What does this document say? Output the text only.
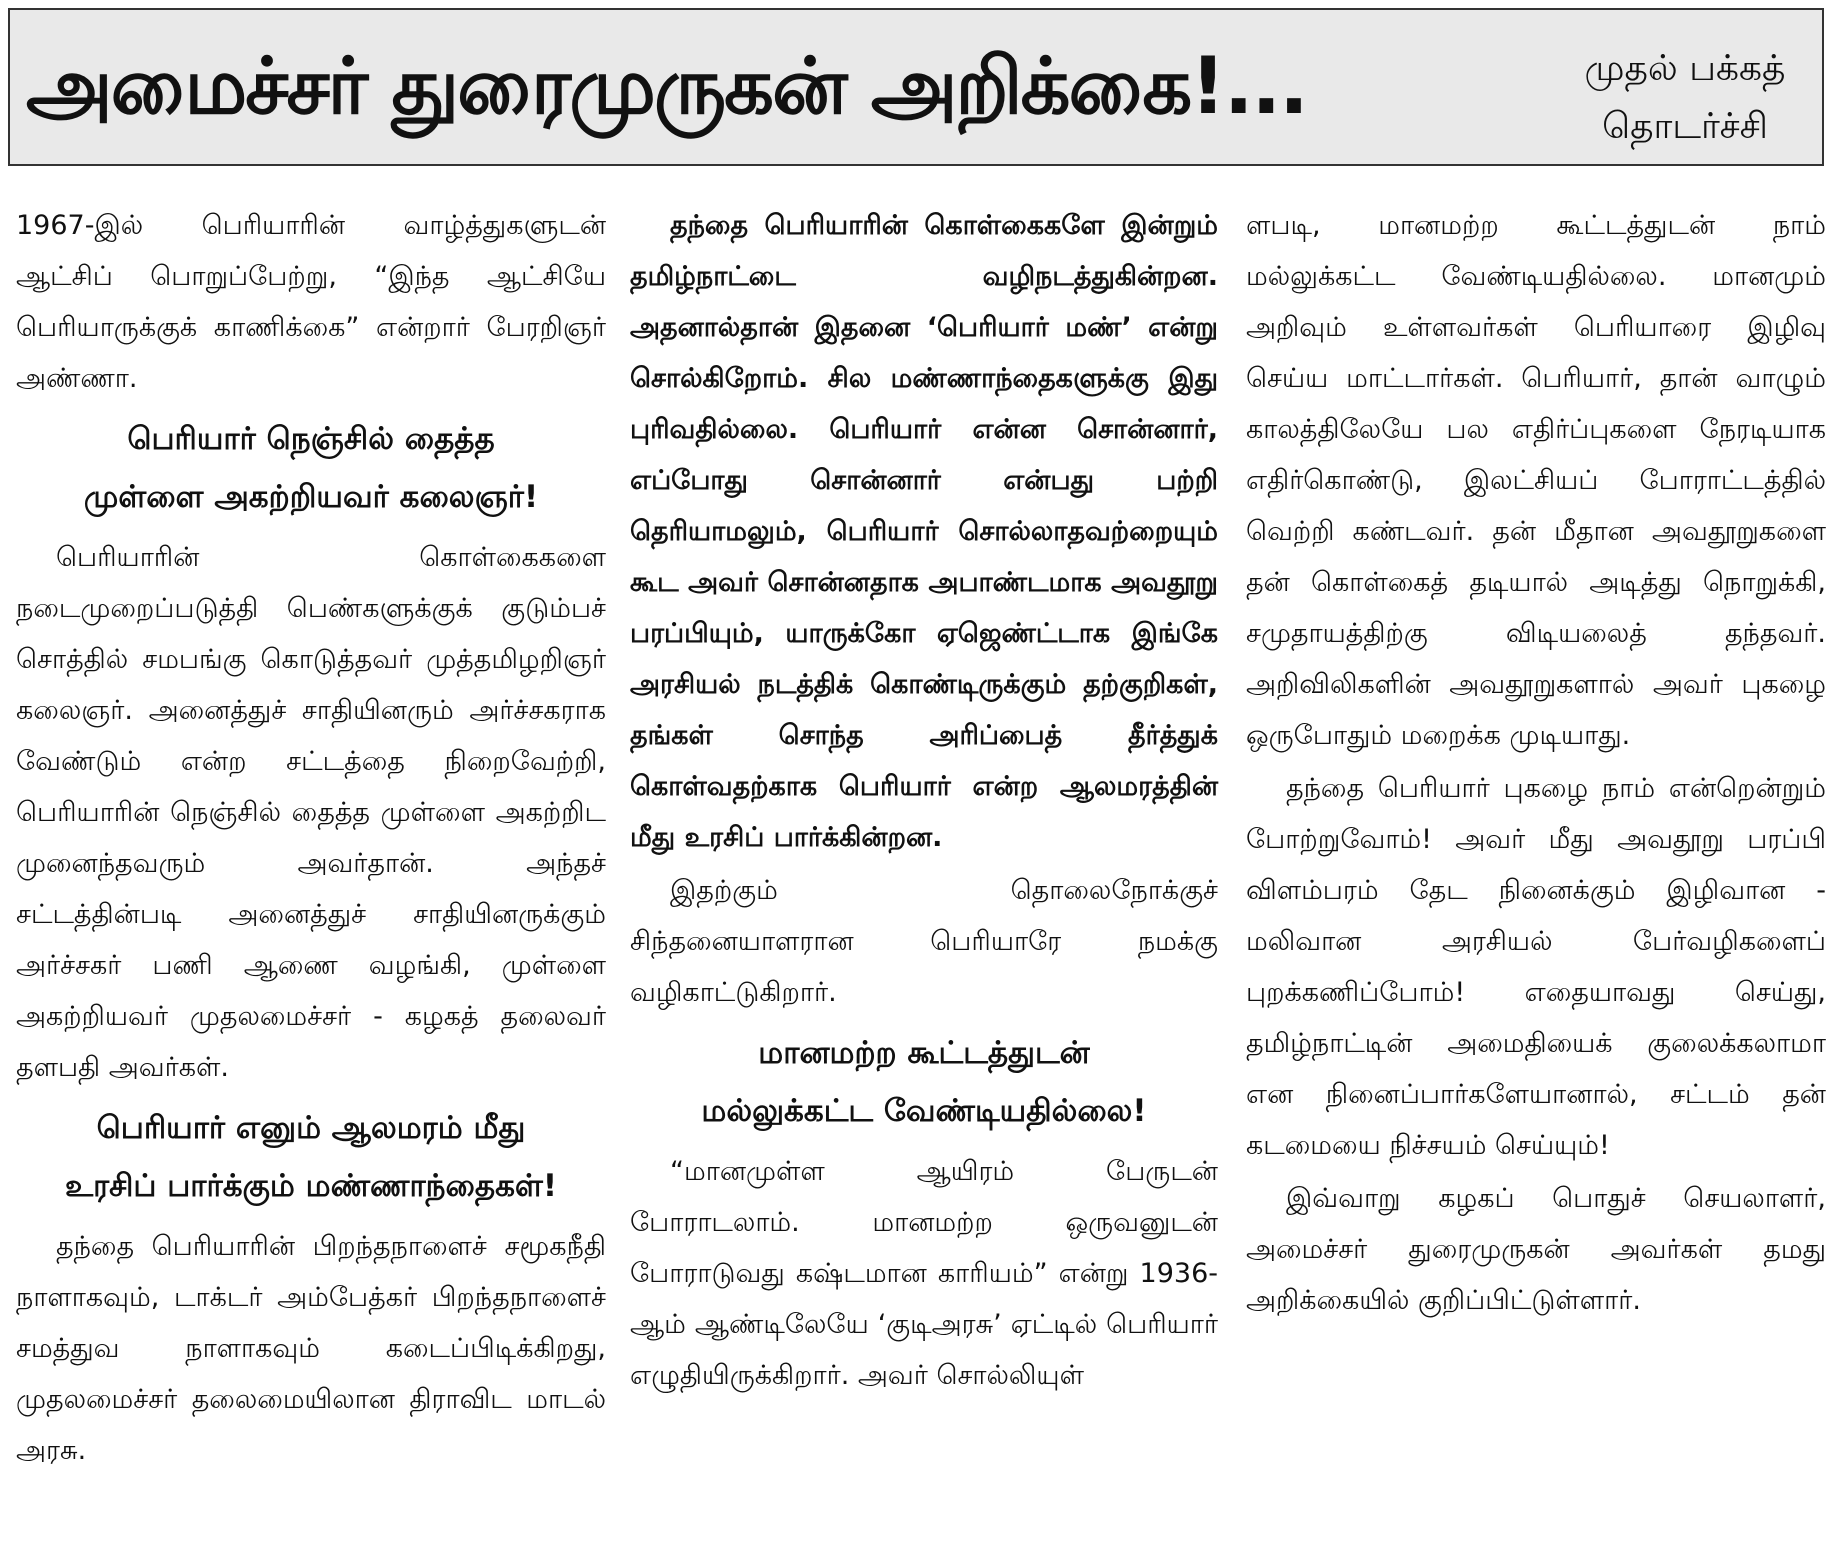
அமைச்சர் துரைமுருகன் அறிக்கை!...	முதல் பக்கத்
தொடர்ச்சி

1967-இல் பெரியாரின் வாழ்த்துகளுடன் ஆட்சிப் பொறுப்பேற்று, “இந்த ஆட்சியே பெரியாருக்குக் காணிக்கை” என்றார் பேரறிஞர் அண்ணா.

பெரியார் நெஞ்சில் தைத்த
முள்ளை அகற்றியவர் கலைஞர்!

பெரியாரின் கொள்கைகளை நடைமுறைப்படுத்தி பெண்களுக்குக் குடும்பச் சொத்தில் சமபங்கு கொடுத்தவர் முத்தமிழறிஞர் கலைஞர். அனைத்துச் சாதியினரும் அர்ச்சகராக வேண்டும் என்ற சட்டத்தை நிறைவேற்றி, பெரியாரின் நெஞ்சில் தைத்த முள்ளை அகற்றிட முனைந்தவரும் அவர்தான். அந்தச் சட்டத்தின்படி அனைத்துச் சாதியினருக்கும் அர்ச்சகர் பணி ஆணை வழங்கி, முள்ளை அகற்றியவர் முதலமைச்சர் - கழகத் தலைவர் தளபதி அவர்கள்.

பெரியார் எனும் ஆலமரம் மீது
உரசிப் பார்க்கும் மண்ணாந்தைகள்!

தந்தை பெரியாரின் பிறந்தநாளைச் சமூகநீதி நாளாகவும், டாக்டர் அம்பேத்கர் பிறந்தநாளைச் சமத்துவ நாளாகவும் கடைப்பிடிக்கிறது, முதலமைச்சர் தலைமையிலான திராவிட மாடல் அரசு.

தந்தை பெரியாரின் கொள்கைகளே இன்றும் தமிழ்நாட்டை வழிநடத்துகின்றன. அதனால்தான் இதனை ‘பெரியார் மண்’ என்று சொல்கிறோம். சில மண்ணாந்தைகளுக்கு இது புரிவதில்லை. பெரியார் என்ன சொன்னார், எப்போது சொன்னார் என்பது பற்றி தெரியாமலும், பெரியார் சொல்லாதவற்றையும் கூட அவர் சொன்னதாக அபாண்டமாக அவதூறு பரப்பியும், யாருக்கோ ஏஜெண்ட்டாக இங்கே அரசியல் நடத்திக் கொண்டிருக்கும் தற்குறிகள், தங்கள் சொந்த அரிப்பைத் தீர்த்துக் கொள்வதற்காக பெரியார் என்ற ஆலமரத்தின் மீது உரசிப் பார்க்கின்றன.

இதற்கும் தொலைநோக்குச் சிந்தனையாளரான பெரியாரே நமக்கு வழிகாட்டுகிறார்.

மானமற்ற கூட்டத்துடன்
மல்லுக்கட்ட வேண்டியதில்லை!

“மானமுள்ள ஆயிரம் பேருடன் போராடலாம். மானமற்ற ஒருவனுடன் போராடுவது கஷ்டமான காரியம்” என்று 1936-ஆம் ஆண்டிலேயே ‘குடிஅரசு’ ஏட்டில் பெரியார் எழுதியிருக்கிறார். அவர் சொல்லியுள்

ளபடி, மானமற்ற கூட்டத்துடன் நாம் மல்லுக்கட்ட வேண்டியதில்லை. மானமும் அறிவும் உள்ளவர்கள் பெரியாரை இழிவு செய்ய மாட்டார்கள். பெரியார், தான் வாழும் காலத்திலேயே பல எதிர்ப்புகளை நேரடியாக எதிர்கொண்டு, இலட்சியப் போராட்டத்தில் வெற்றி கண்டவர். தன் மீதான அவதூறுகளை தன் கொள்கைத் தடியால் அடித்து நொறுக்கி, சமுதாயத்திற்கு விடியலைத் தந்தவர். அறிவிலிகளின் அவதூறுகளால் அவர் புகழை ஒருபோதும் மறைக்க முடியாது.

தந்தை பெரியார் புகழை நாம் என்றென்றும் போற்றுவோம்! அவர் மீது அவதூறு பரப்பி விளம்பரம் தேட நினைக்கும் இழிவான - மலிவான அரசியல் பேர்வழிகளைப் புறக்கணிப்போம்! எதையாவது செய்து, தமிழ்நாட்டின் அமைதியைக் குலைக்கலாமா என நினைப்பார்களேயானால், சட்டம் தன் கடமையை நிச்சயம் செய்யும்!

இவ்வாறு கழகப் பொதுச் செயலாளர், அமைச்சர் துரைமுருகன் அவர்கள் தமது அறிக்கையில் குறிப்பிட்டுள்ளார்.
